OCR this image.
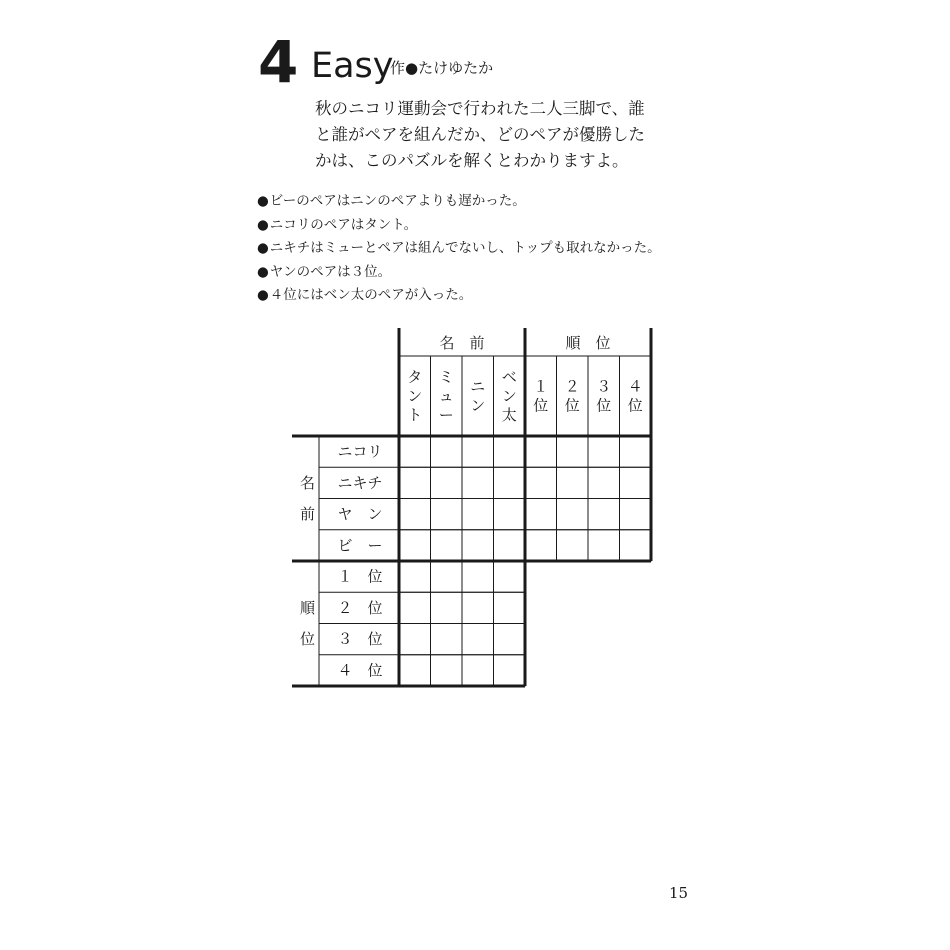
4 Easy
作●たけゆたか
秋のニコリ運動会で行われた二人三脚で、誰
と誰がペアを組んだか、どのペアが優勝した
かは、このパズルを解くとわかりますよ。
●ビーのペアはニンのペアよりも遅かった。
●ニコリのペアはタント。
●ニキチはミューとペアは組んでないし、トップも取れなかった。
●ヤンのペアは３位。
●４位にはベン太のペアが入った。
名　前
タ
ン
ト
ミ
ュ
ー
ニ
ン
ベ
ン
太
順　位
１
位
２
位
３
位
４
位
名
前
ニコリ
ニキチ
ヤ　ン
ビ　ー
順
位
１　位
２　位
３　位
４　位
15
